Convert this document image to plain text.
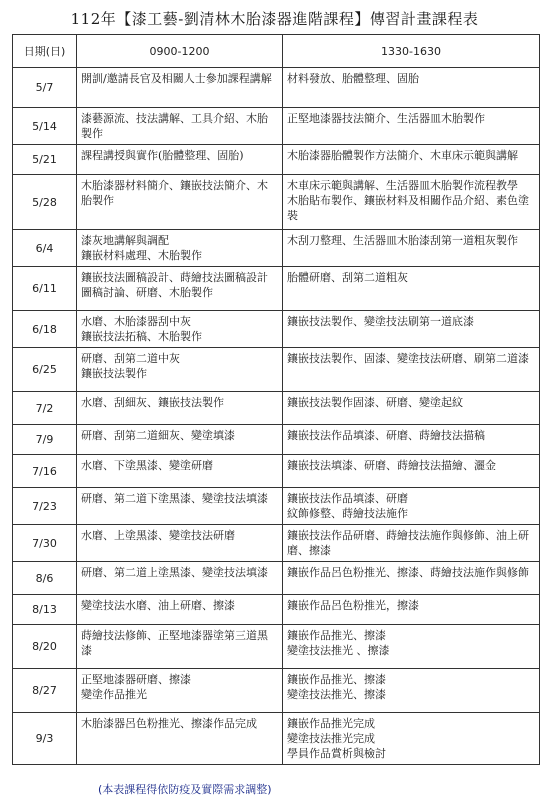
112年【漆工藝-劉清林木胎漆器進階課程】傳習計畫課程表
日期(日)	0900-1200	1330-1630
5/7	開訓/邀請長官及相關人士參加課程講解	材料發放、胎體整理、固胎

5/14	漆藝源流、技法講解、工具介紹、木胎製作	正堅地漆器技法簡介、生活器皿木胎製作

5/21	課程講授與實作(胎體整理、固胎)	木胎漆器胎體製作方法簡介、木車床示範與講解

5/28	木胎漆器材料簡介、鑲嵌技法簡介、木胎製作	木車床示範與講解、生活器皿木胎製作流程教學
木胎貼布製作、鑲嵌材料及相關作品介紹、素色塗裝

6/4	漆灰地講解與調配
鑲嵌材料處理、木胎製作	木刮刀整理、生活器皿木胎漆刮第一道粗灰製作

6/11	鑲嵌技法圖稿設計、蒔繪技法圖稿設計
圖稿討論、研磨、木胎製作	胎體研磨、刮第二道粗灰

6/18	水磨、木胎漆器刮中灰
鑲嵌技法拓稿、木胎製作	鑲嵌技法製作、變塗技法刷第一道底漆

6/25	研磨、刮第二道中灰
鑲嵌技法製作	鑲嵌技法製作、固漆、變塗技法研磨、刷第二道漆

7/2	水磨、刮細灰、鑲嵌技法製作	鑲嵌技法製作固漆、研磨、變塗起紋

7/9	研磨、刮第二道細灰、變塗填漆	鑲嵌技法作品填漆、研磨、蒔繪技法描稿

7/16	水磨、下塗黑漆、變塗研磨	鑲嵌技法填漆、研磨、蒔繪技法描繪、灑金

7/23	研磨、第二道下塗黑漆、變塗技法填漆	鑲嵌技法作品填漆、研磨
紋飾修整、蒔繪技法施作

7/30	水磨、上塗黑漆、變塗技法研磨	鑲嵌技法作品研磨、蒔繪技法施作與修飾、油上研磨、擦漆

8/6	研磨、第二道上塗黑漆、變塗技法填漆	鑲嵌作品呂色粉推光、擦漆、蒔繪技法施作與修飾

8/13	變塗技法水磨、油上研磨、擦漆	鑲嵌作品呂色粉推光，擦漆

8/20	蒔繪技法修飾、正堅地漆器塗第三道黑漆	鑲嵌作品推光、擦漆
變塗技法推光 、擦漆

8/27	正堅地漆器研磨、擦漆
變塗作品推光	鑲嵌作品推光、擦漆
變塗技法推光、擦漆

9/3	木胎漆器呂色粉推光、擦漆作品完成	鑲嵌作品推光完成
變塗技法推光完成
學員作品賞析與檢討
(本表課程得依防疫及實際需求調整)
